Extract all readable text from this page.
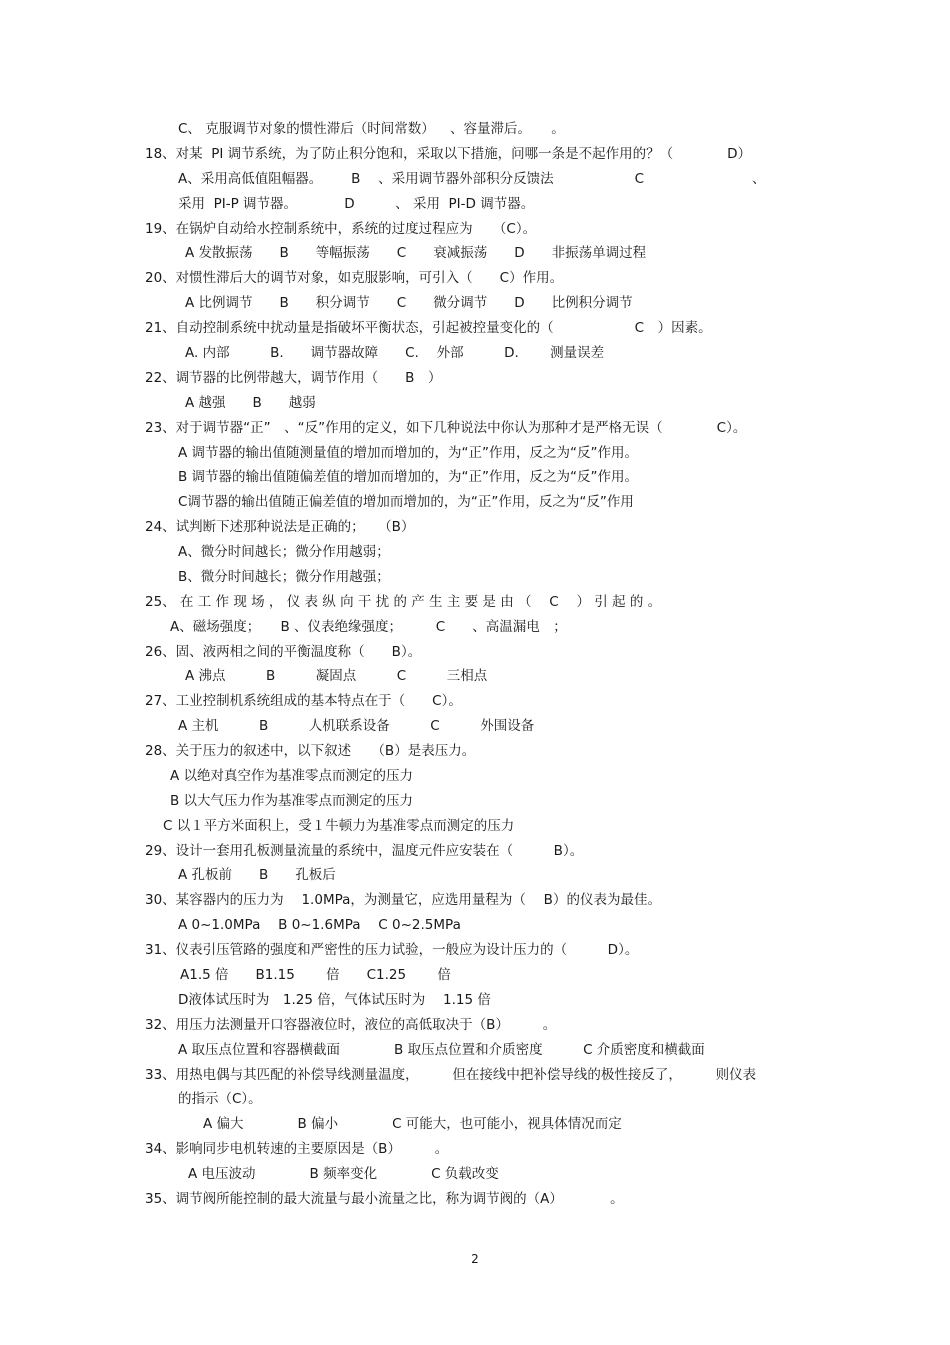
C、 克服调节对象的惯性滞后（时间常数）　  、容量滞后。　　。
18、对某  PI 调节系统，为了防止积分饱和，采取以下措施，问哪一条是不起作用的？（　　　　D）
A、采用高低值阻幅器。　　  B　 、采用调节器外部积分反馈法　　　　　　C　　　　　　　　、
采用  PI-P 调节器。　　　　D　　　、 采用  PI-D 调节器。
19、在锅炉自动给水控制系统中，系统的过度过程应为　　（C）。
A 发散振荡　　B　　等幅振荡　　C　　衰减振荡　　D　　非振荡单调过程
20、对惯性滞后大的调节对象，如克服影响，可引入（　　C）作用。
A 比例调节　　B　　积分调节　　C　　微分调节　　D　　比例积分调节
21、自动控制系统中扰动量是指破坏平衡状态，引起被控量变化的（　　　　　　C　）因素。
A. 内部　　　B.　　调节器故障　　C.　 外部　　　D.　　 测量误差
22、调节器的比例带越大，调节作用（　　B　）
A 越强　　B　　越弱
23、对于调节器“正”　、“反”作用的定义，如下几种说法中你认为那种才是严格无误（　　　　C）。
A 调节器的输出值随测量值的增加而增加的，为“正”作用，反之为“反”作用。
B 调节器的输出值随偏差值的增加而增加的，为“正”作用，反之为“反”作用。
C调节器的输出值随正偏差值的增加而增加的，为“正”作用，反之为“反”作用
24、试判断下述那种说法是正确的；　　（B）
A、微分时间越长；微分作用越弱；
B、微分时间越长；微分作用越强；
25、 在 工 作 现 场 ， 仪 表 纵 向 干 扰 的 产 生 主 要 是 由 （　 C　 ） 引 起 的 。
A、磁场强度；　　B 、仪表绝缘强度；　　　C　　、高温漏电　；
26、固、液两相之间的平衡温度称（　　B）。
A 沸点　　　B　　　凝固点　　　C　　　三相点
27、工业控制机系统组成的基本特点在于（　　C）。
A 主机　　　B　　　人机联系设备　　　C　　　外围设备
28、关于压力的叙述中，以下叙述　　（B）是表压力。
A 以绝对真空作为基准零点而测定的压力
B 以大气压力作为基准零点而测定的压力
C 以１平方米面积上，受１牛顿力为基准零点而测定的压力
29、设计一套用孔板测量流量的系统中，温度元件应安装在（　　　B）。
A 孔板前　　B　　孔板后
30、某容器内的压力为　 1.0MPa，为测量它，应选用量程为（　 B）的仪表为最佳。
A 0~1.0MPa　 B 0~1.6MPa　 C 0~2.5MPa
31、仪表引压管路的强度和严密性的压力试验，一般应为设计压力的（　　　D）。
A1.5 倍　　B1.15　　 倍　　C1.25　　 倍
D液体试压时为　1.25 倍，气体试压时为　 1.15 倍
32、用压力法测量开口容器液位时，液位的高低取决于（B）　　　。
A 取压点位置和容器横截面　　　　B 取压点位置和介质密度　　　C 介质密度和横截面
33、用热电偶与其匹配的补偿导线测量温度，　　　但在接线中把补偿导线的极性接反了，　　　则仪表
的指示（C）。
A 偏大　　　　B 偏小　　　　C 可能大，也可能小，视具体情况而定
34、影响同步电机转速的主要原因是（B）　　　。
A 电压波动　　　　B 频率变化　　　　C 负载改变
35、调节阀所能控制的最大流量与最小流量之比，称为调节阀的（A）　　　　。
2
